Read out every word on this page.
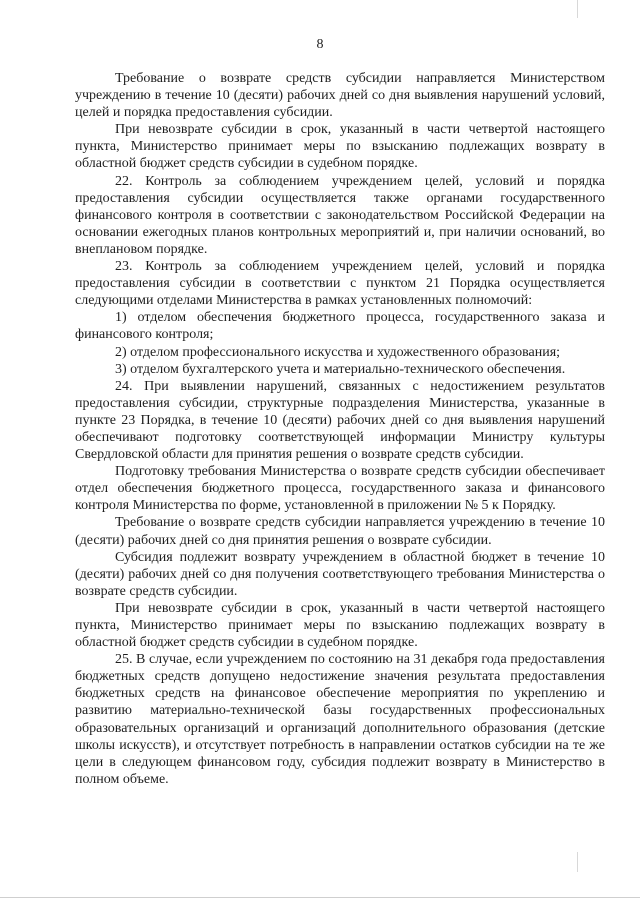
8

Требование о возврате средств субсидии направляется Министерством учреждению в течение 10 (десяти) рабочих дней со дня выявления нарушений условий, целей и порядка предоставления субсидии.

При невозврате субсидии в срок, указанный в части четвертой настоящего пункта, Министерство принимает меры по взысканию подлежащих возврату в областной бюджет средств субсидии в судебном порядке.

22. Контроль за соблюдением учреждением целей, условий и порядка предоставления субсидии осуществляется также органами государственного финансового контроля в соответствии с законодательством Российской Федерации на основании ежегодных планов контрольных мероприятий и, при наличии оснований, во внеплановом порядке.

23. Контроль за соблюдением учреждением целей, условий и порядка предоставления субсидии в соответствии с пунктом 21 Порядка осуществляется следующими отделами Министерства в рамках установленных полномочий:

1) отделом обеспечения бюджетного процесса, государственного заказа и финансового контроля;

2) отделом профессионального искусства и художественного образования;

3) отделом бухгалтерского учета и материально-технического обеспечения.

24. При выявлении нарушений, связанных с недостижением результатов предоставления субсидии, структурные подразделения Министерства, указанные в пункте 23 Порядка, в течение 10 (десяти) рабочих дней со дня выявления нарушений обеспечивают подготовку соответствующей информации Министру культуры Свердловской области для принятия решения о возврате средств субсидии.

Подготовку требования Министерства о возврате средств субсидии обеспечивает отдел обеспечения бюджетного процесса, государственного заказа и финансового контроля Министерства по форме, установленной в приложении № 5 к Порядку.

Требование о возврате средств субсидии направляется учреждению в течение 10 (десяти) рабочих дней со дня принятия решения о возврате субсидии.

Субсидия подлежит возврату учреждением в областной бюджет в течение 10 (десяти) рабочих дней со дня получения соответствующего требования Министерства о возврате средств субсидии.

При невозврате субсидии в срок, указанный в части четвертой настоящего пункта, Министерство принимает меры по взысканию подлежащих возврату в областной бюджет средств субсидии в судебном порядке.

25. В случае, если учреждением по состоянию на 31 декабря года предоставления бюджетных средств допущено недостижение значения результата предоставления бюджетных средств на финансовое обеспечение мероприятия по укреплению и развитию материально-технической базы государственных профессиональных образовательных организаций и организаций дополнительного образования (детские школы искусств), и отсутствует потребность в направлении остатков субсидии на те же цели в следующем финансовом году, субсидия подлежит возврату в Министерство в полном объеме.
